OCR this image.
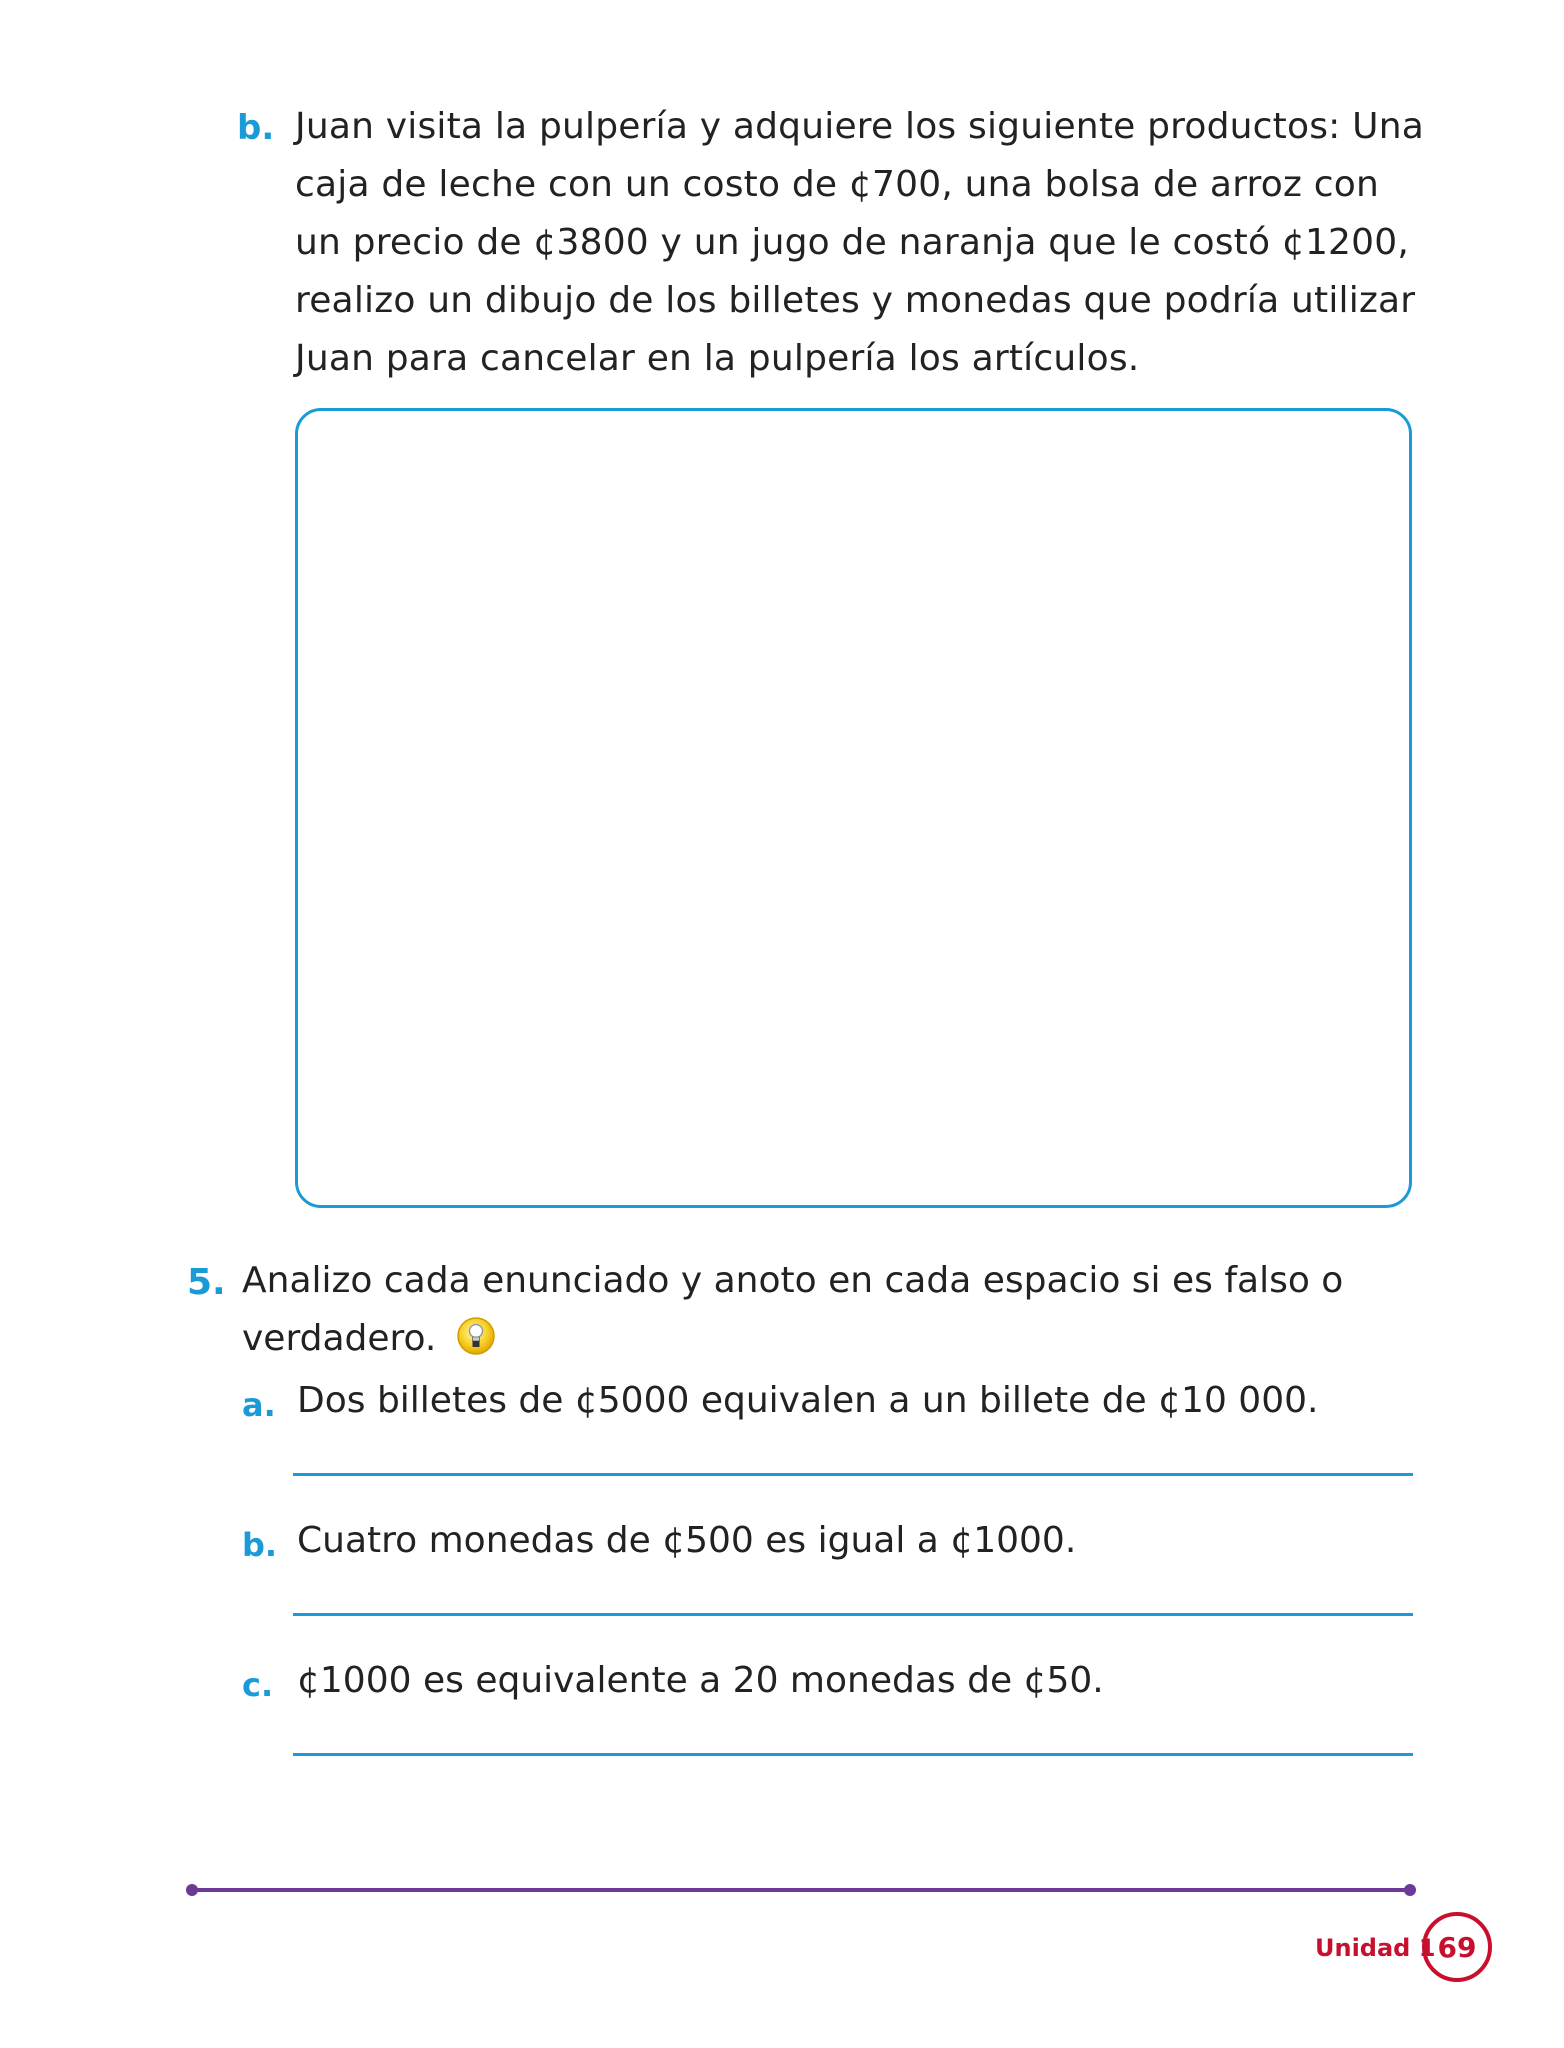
b. Juan visita la pulpería y adquiere los siguiente productos: Una
caja de leche con un costo de ¢700, una bolsa de arroz con
un precio de ¢3800 y un jugo de naranja que le costó ¢1200,
realizo un dibujo de los billetes y monedas que podría utilizar
Juan para cancelar en la pulpería los artículos.
5. Analizo cada enunciado y anoto en cada espacio si es falso o
verdadero.
a. Dos billetes de ¢5000 equivalen a un billete de ¢10 000.
b. Cuatro monedas de ¢500 es igual a ¢1000.
c. ¢1000 es equivalente a 20 monedas de ¢50.
Unidad 1 69
